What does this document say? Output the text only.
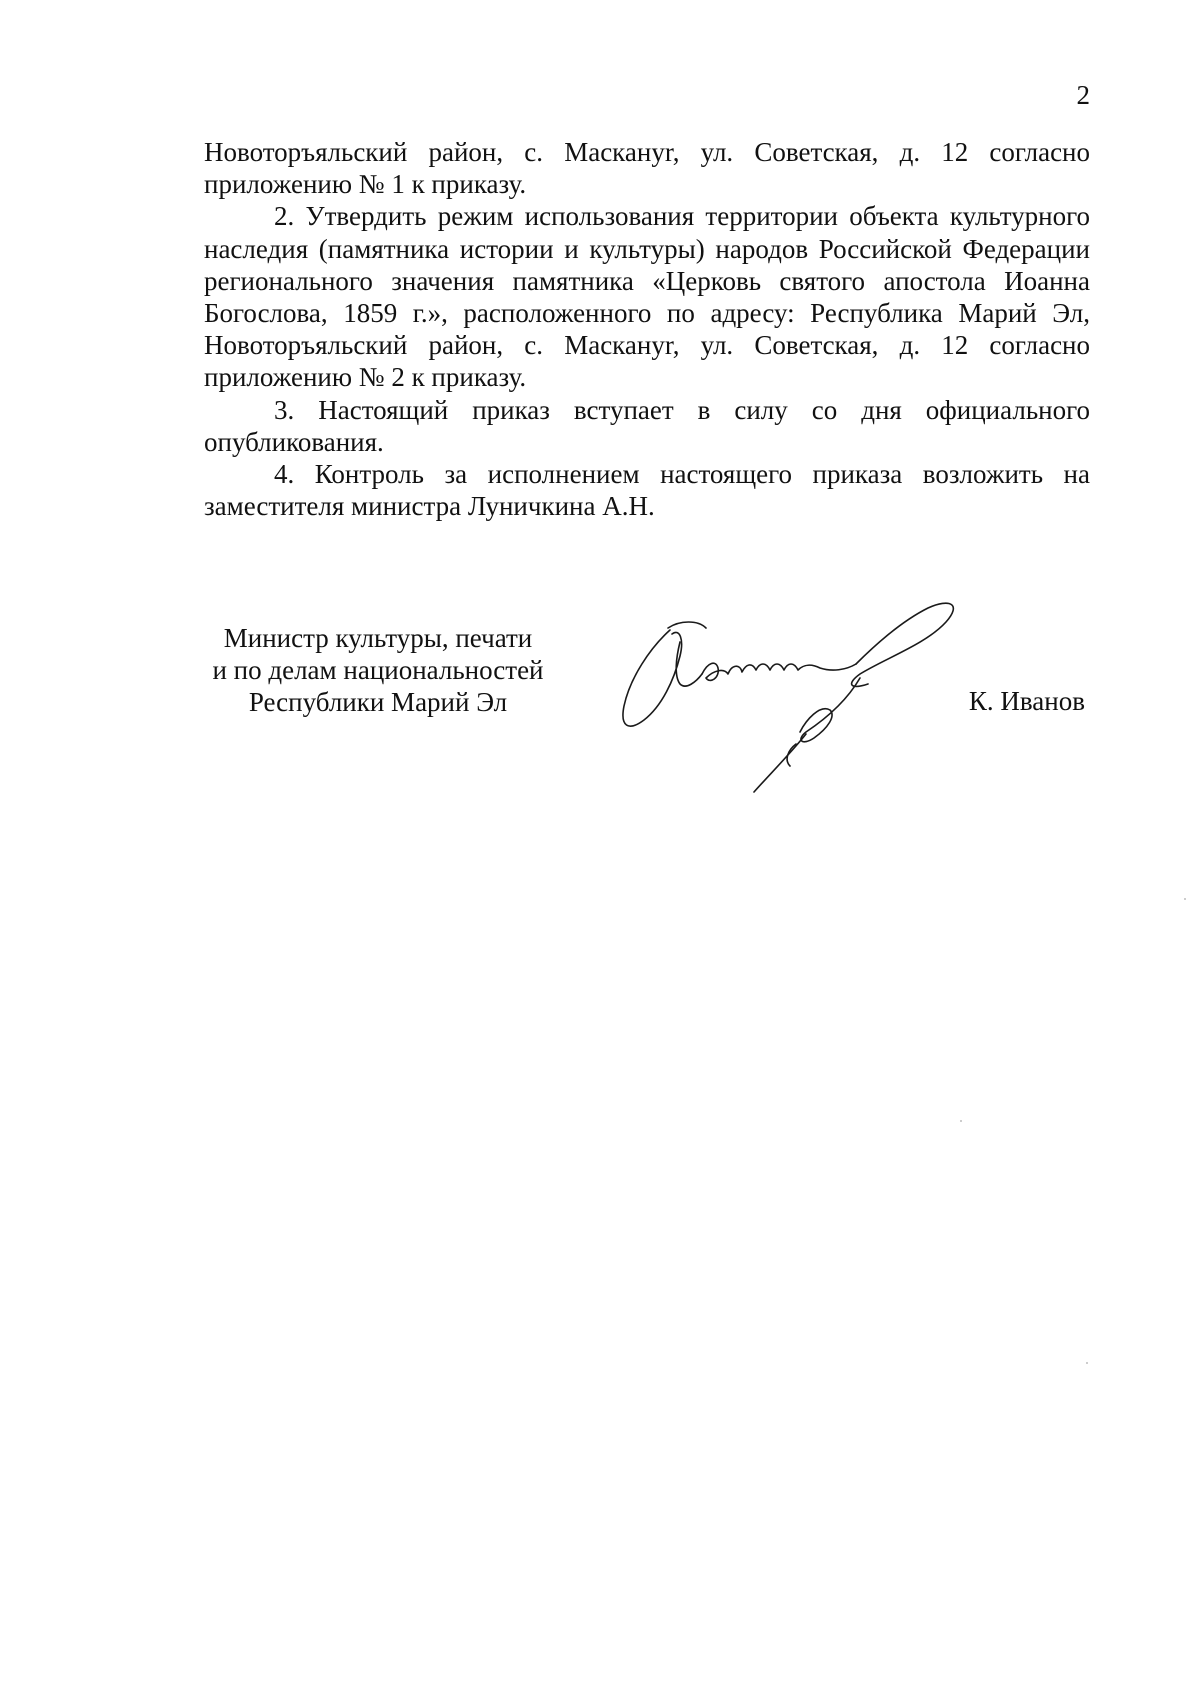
2

Новоторъяльский район, с. Маскануr, ул. Советская, д. 12 согласно приложению № 1 к приказу.

2. Утвердить режим использования территории объекта культурного наследия (памятника истории и культуры) народов Российской Федерации регионального значения памятника «Церковь святого апостола Иоанна Богослова, 1859 г.», расположенного по адресу: Республика Марий Эл, Новоторъяльский район, с. Маскануr, ул. Советская, д. 12 согласно приложению № 2 к приказу.

3. Настоящий приказ вступает в силу со дня официального опубликования.

4. Контроль за исполнением настоящего приказа возложить на заместителя министра Луничкина А.Н.

Министр культуры, печати
и по делам национальностей
Республики Марий Эл	К. Иванов
